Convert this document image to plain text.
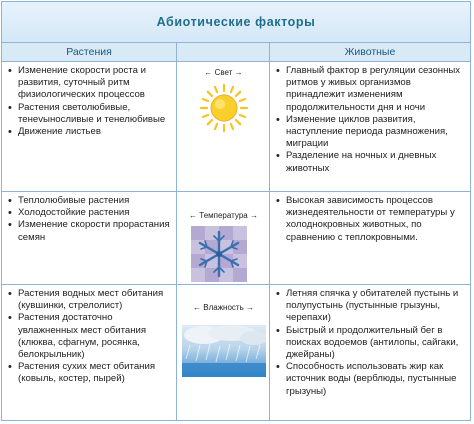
Абиотические факторы
Растения	Животные
• Изменение скорости роста и развития, суточный ритм физиологических процессов
• Растения светолюбивые, тенevыносливые и тенелюбивые
• Движение листьев
← Свет →
•	Главный фактор в регуляции сезонных ритмов у живых организмов принадлежит изменениям продолжительности дня и ночи
• Изменение циклов развития, наступление периода размножения, миграции
• Разделение на ночных и дневных животных
• Теплолюбивые растения
• Холодостойкие растения
• Изменение скорости прорастания семян
← Температура →
• Высокая зависимость процессов жизнедеятельности от температуры у холоднокровных животных, по сравнению с теплокровными.
• Растения водных мест обитания (кувшинки, стрелолист)
• Растения достаточно увлажненных мест обитания (клюква, сфагнум, росянка, белокрыльник)
• Растения сухих мест обитания (ковыль, костер, пырей)
← Влажность →
• Летняя спячка у обитателей пустынь и полупустынь (пустынные грызуны, черепахи)
• Быстрый и продолжительный бег в поисках водоемов (антилопы, сайгаки, джейраны)
• Способность использовать жир как источник воды (верблюды, пустынные грызуны)
